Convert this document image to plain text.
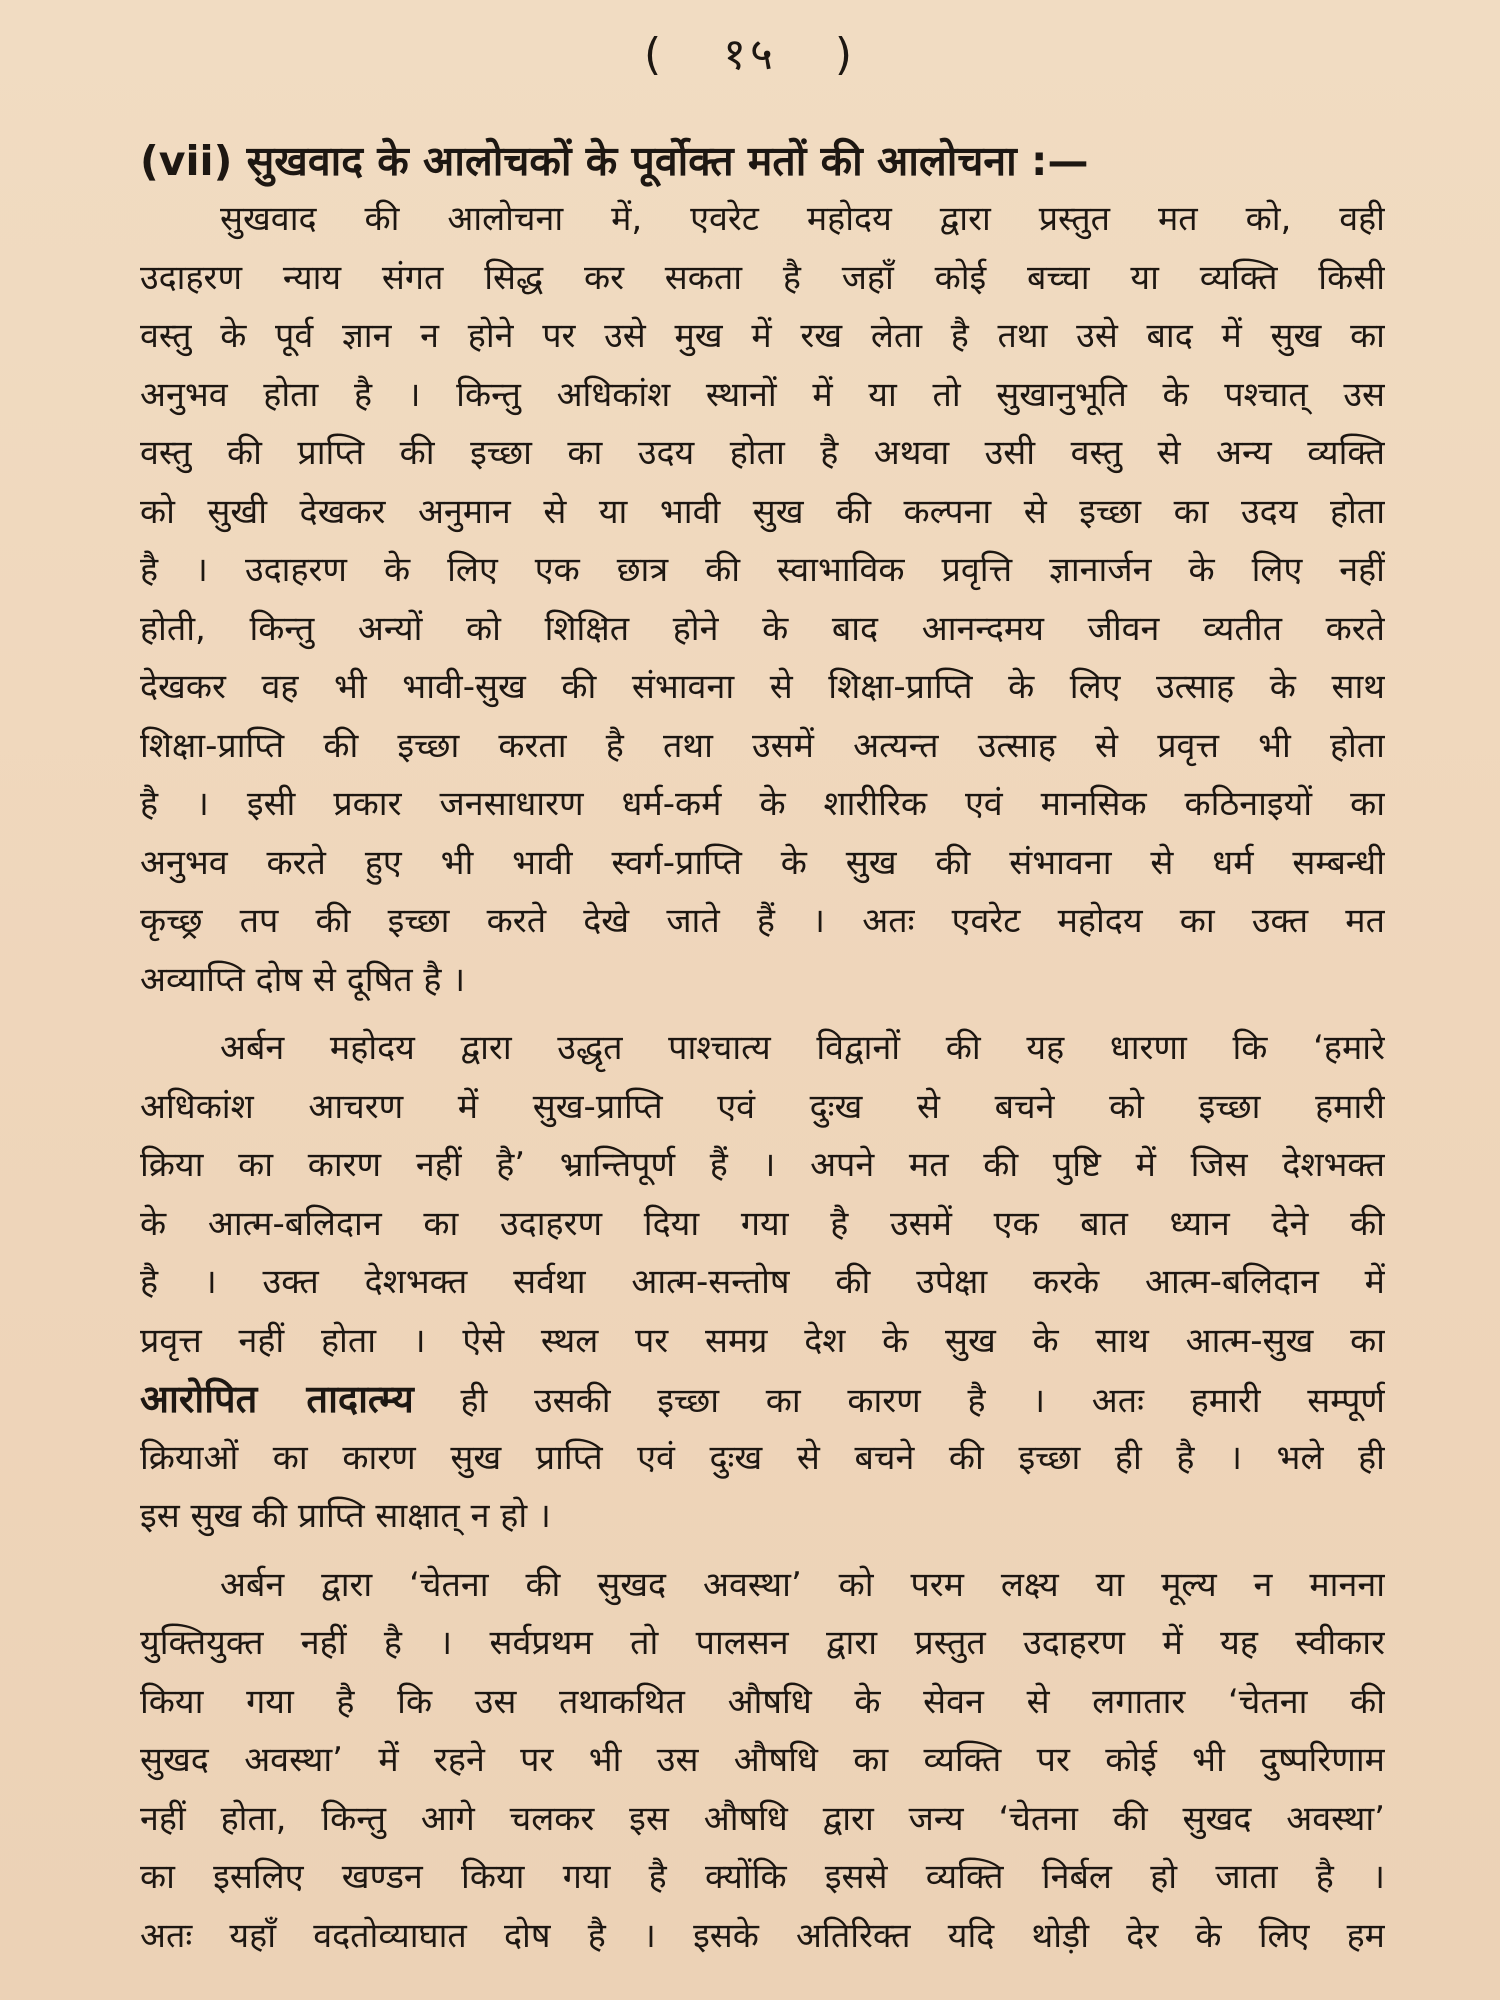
( १५ )
(vii) सुखवाद के आलोचकों के पूर्वोक्त मतों की आलोचना :—
सुखवाद की आलोचना में, एवरेट महोदय द्वारा प्रस्तुत मत को, वही
उदाहरण न्याय संगत सिद्ध कर सकता है जहाँ कोई बच्चा या व्यक्ति किसी
वस्तु के पूर्व ज्ञान न होने पर उसे मुख में रख लेता है तथा उसे बाद में सुख का
अनुभव होता है । किन्तु अधिकांश स्थानों में या तो सुखानुभूति के पश्चात् उस
वस्तु की प्राप्ति की इच्छा का उदय होता है अथवा उसी वस्तु से अन्य व्यक्ति
को सुखी देखकर अनुमान से या भावी सुख की कल्पना से इच्छा का उदय होता
है । उदाहरण के लिए एक छात्र की स्वाभाविक प्रवृत्ति ज्ञानार्जन के लिए नहीं
होती, किन्तु अन्यों को शिक्षित होने के बाद आनन्दमय जीवन व्यतीत करते
देखकर वह भी भावी-सुख की संभावना से शिक्षा-प्राप्ति के लिए उत्साह के साथ
शिक्षा-प्राप्ति की इच्छा करता है तथा उसमें अत्यन्त उत्साह से प्रवृत्त भी होता
है । इसी प्रकार जनसाधारण धर्म-कर्म के शारीरिक एवं मानसिक कठिनाइयों का
अनुभव करते हुए भी भावी स्वर्ग-प्राप्ति के सुख की संभावना से धर्म सम्बन्धी
कृच्छ्र तप की इच्छा करते देखे जाते हैं । अतः एवरेट महोदय का उक्त मत
अव्याप्ति दोष से दूषित है ।
अर्बन महोदय द्वारा उद्धृत पाश्चात्य विद्वानों की यह धारणा कि ‘हमारे
अधिकांश आचरण में सुख-प्राप्ति एवं दुःख से बचने को इच्छा हमारी
क्रिया का कारण नहीं है’ भ्रान्तिपूर्ण हैं । अपने मत की पुष्टि में जिस देशभक्त
के आत्म-बलिदान का उदाहरण दिया गया है उसमें एक बात ध्यान देने की
है । उक्त देशभक्त सर्वथा आत्म-सन्तोष की उपेक्षा करके आत्म-बलिदान में
प्रवृत्त नहीं होता । ऐसे स्थल पर समग्र देश के सुख के साथ आत्म-सुख का
आरोपित तादात्म्य ही उसकी इच्छा का कारण है । अतः हमारी सम्पूर्ण
क्रियाओं का कारण सुख प्राप्ति एवं दुःख से बचने की इच्छा ही है । भले ही
इस सुख की प्राप्ति साक्षात् न हो ।
अर्बन द्वारा ‘चेतना की सुखद अवस्था’ को परम लक्ष्य या मूल्य न मानना
युक्तियुक्त नहीं है । सर्वप्रथम तो पालसन द्वारा प्रस्तुत उदाहरण में यह स्वीकार
किया गया है कि उस तथाकथित औषधि के सेवन से लगातार ‘चेतना की
सुखद अवस्था’ में रहने पर भी उस औषधि का व्यक्ति पर कोई भी दुष्परिणाम
नहीं होता, किन्तु आगे चलकर इस औषधि द्वारा जन्य ‘चेतना की सुखद अवस्था’
का इसलिए खण्डन किया गया है क्योंकि इससे व्यक्ति निर्बल हो जाता है ।
अतः यहाँ वदतोव्याघात दोष है । इसके अतिरिक्त यदि थोड़ी देर के लिए हम
